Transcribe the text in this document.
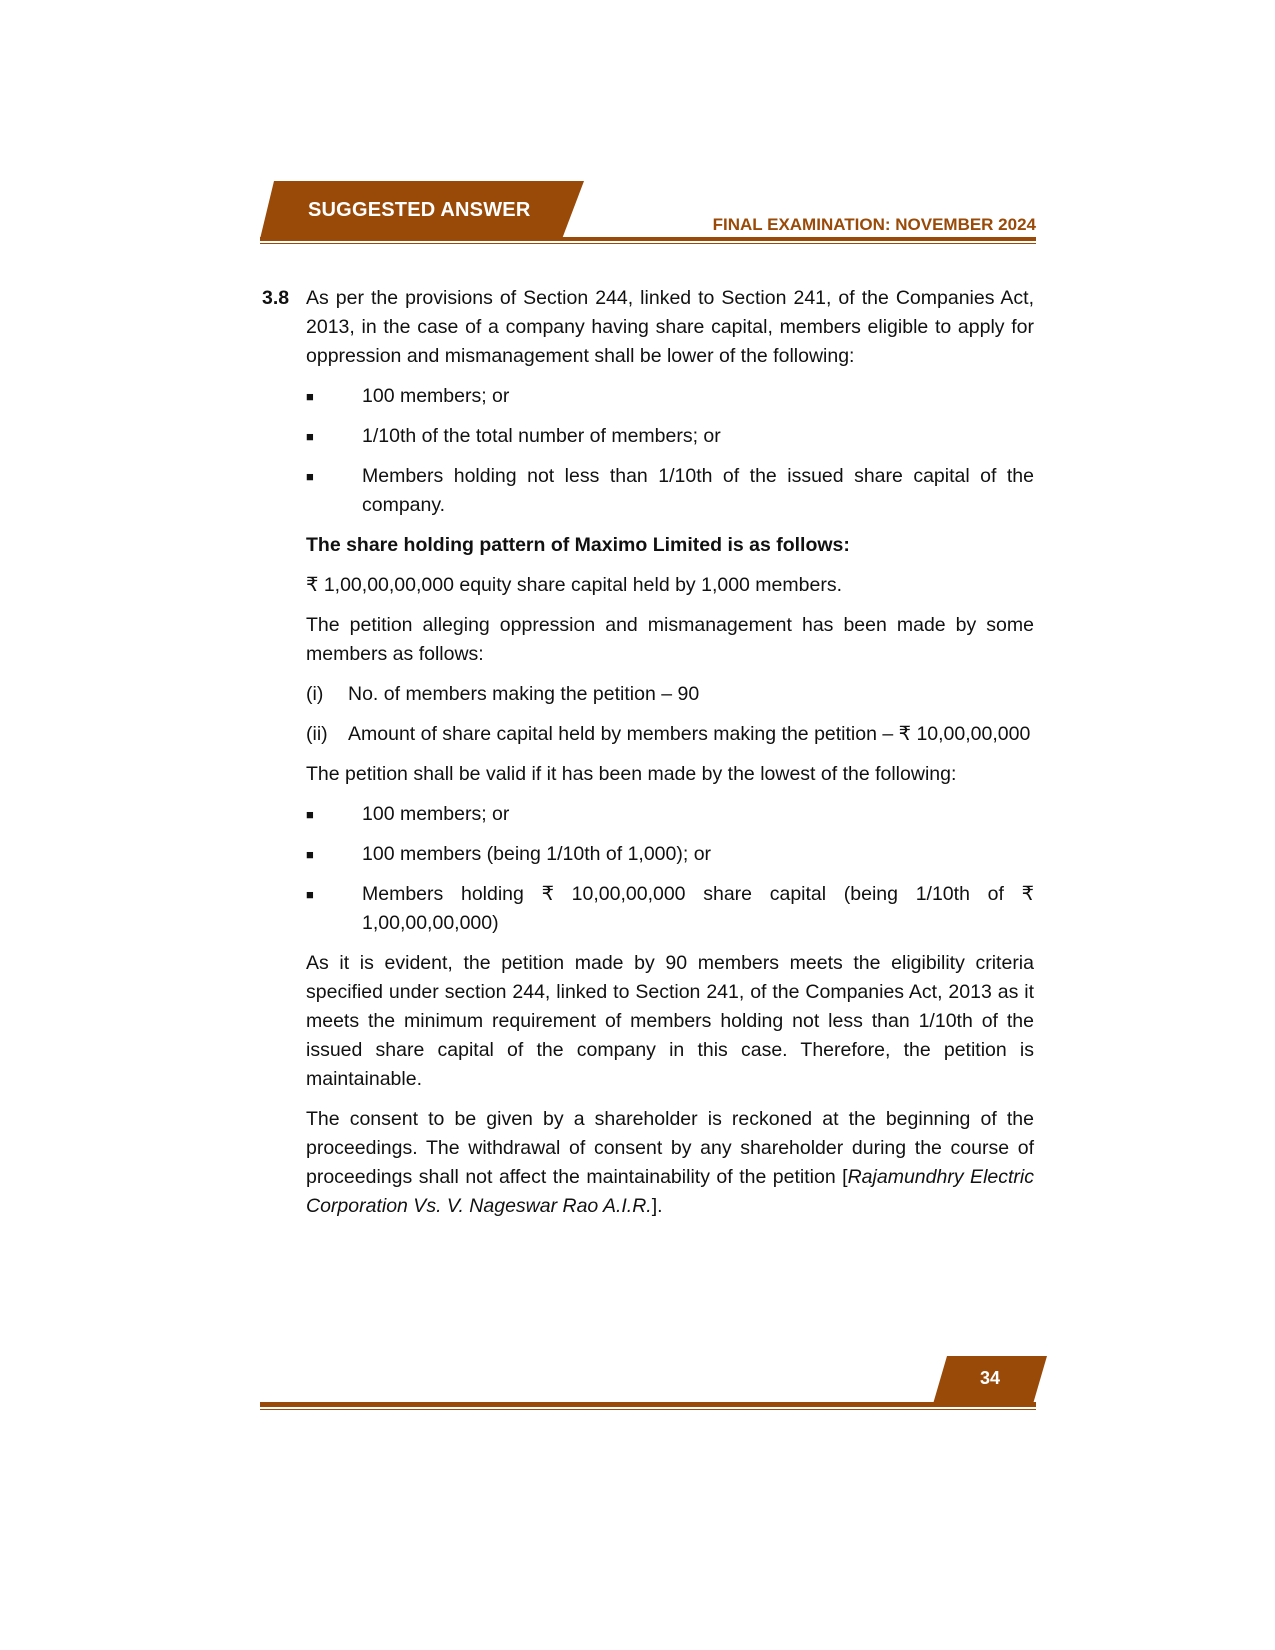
SUGGESTED ANSWER
FINAL EXAMINATION: NOVEMBER 2024
3.8 As per the provisions of Section 244, linked to Section 241, of the Companies Act, 2013, in the case of a company having share capital, members eligible to apply for oppression and mismanagement shall be lower of the following:

■ 100 members; or
■ 1/10th of the total number of members; or
■ Members holding not less than 1/10th of the issued share capital of the company.

The share holding pattern of Maximo Limited is as follows:

₹ 1,00,00,00,000 equity share capital held by 1,000 members.

The petition alleging oppression and mismanagement has been made by some members as follows:

(i) No. of members making the petition – 90
(ii) Amount of share capital held by members making the petition – ₹ 10,00,00,000

The petition shall be valid if it has been made by the lowest of the following:

■ 100 members; or
■ 100 members (being 1/10th of 1,000); or
■ Members holding ₹ 10,00,00,000 share capital (being 1/10th of ₹ 1,00,00,00,000)

As it is evident, the petition made by 90 members meets the eligibility criteria specified under section 244, linked to Section 241, of the Companies Act, 2013 as it meets the minimum requirement of members holding not less than 1/10th of the issued share capital of the company in this case. Therefore, the petition is maintainable.

The consent to be given by a shareholder is reckoned at the beginning of the proceedings. The withdrawal of consent by any shareholder during the course of proceedings shall not affect the maintainability of the petition [Rajamundhry Electric Corporation Vs. V. Nageswar Rao A.I.R.].

34
